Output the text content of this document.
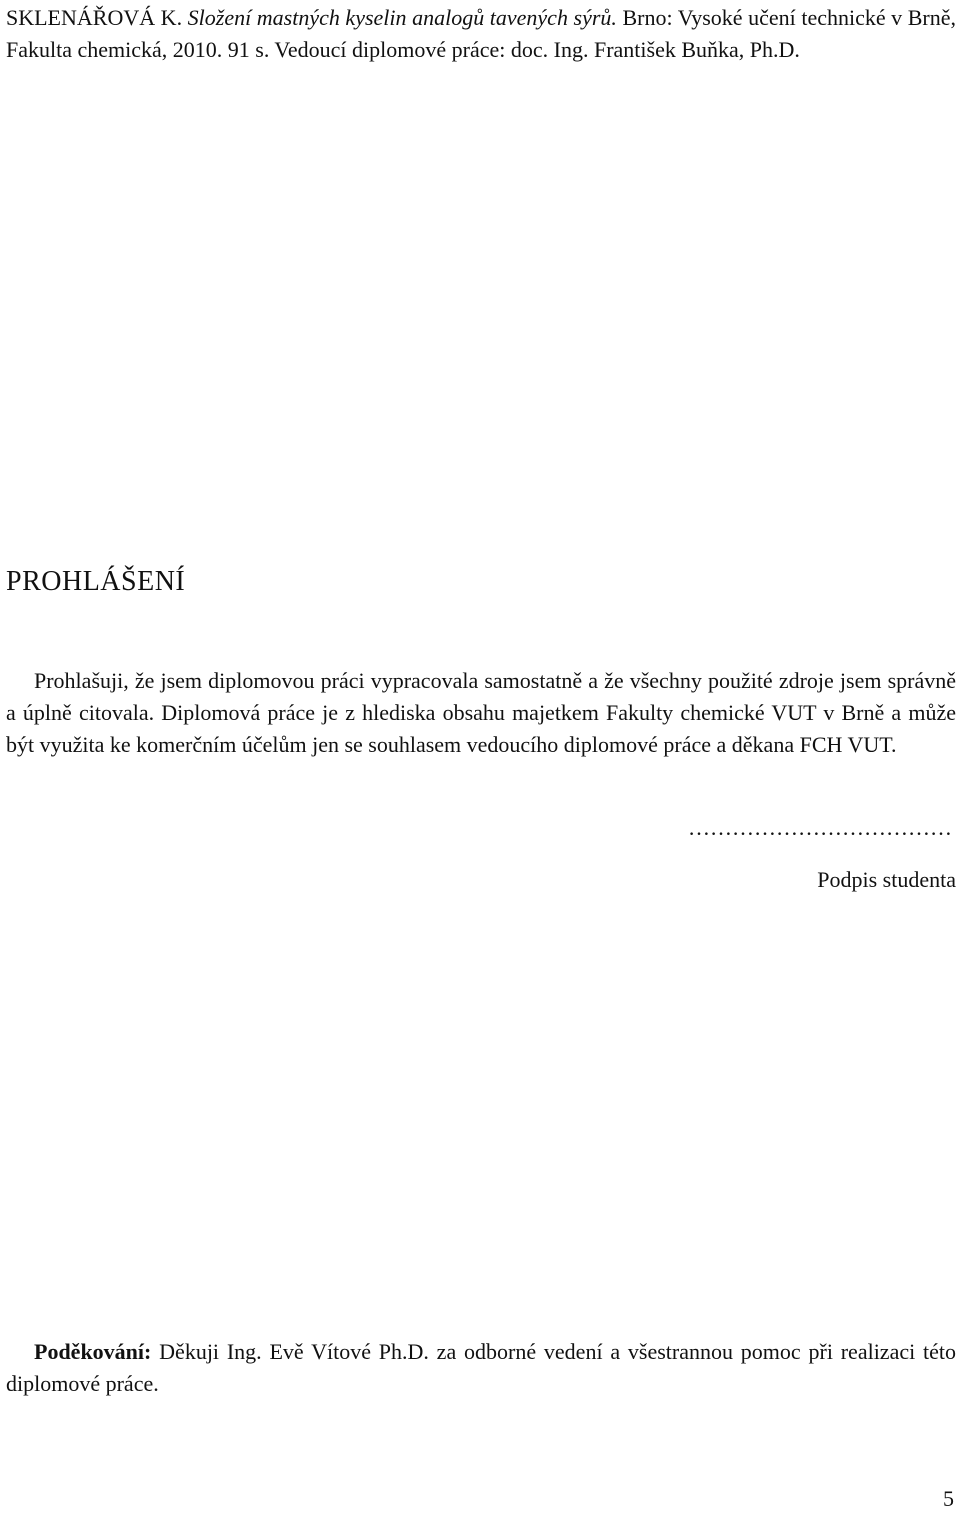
SKLENÁŘOVÁ K. Složení mastných kyselin analogů tavených sýrů. Brno: Vysoké učení technické v Brně, Fakulta chemická, 2010. 91 s. Vedoucí diplomové práce: doc. Ing. František Buňka, Ph.D.
PROHLÁŠENÍ

Prohlašuji, že jsem diplomovou práci vypracovala samostatně a že všechny použité zdroje jsem správně a úplně citovala. Diplomová práce je z hlediska obsahu majetkem Fakulty chemické VUT v Brně a může být využita ke komerčním účelům jen se souhlasem vedoucího diplomové práce a děkana FCH VUT.

………………………………
Podpis studenta

Poděkování: Děkuji Ing. Evě Vítové Ph.D. za odborné vedení a všestrannou pomoc při realizaci této diplomové práce.

5
